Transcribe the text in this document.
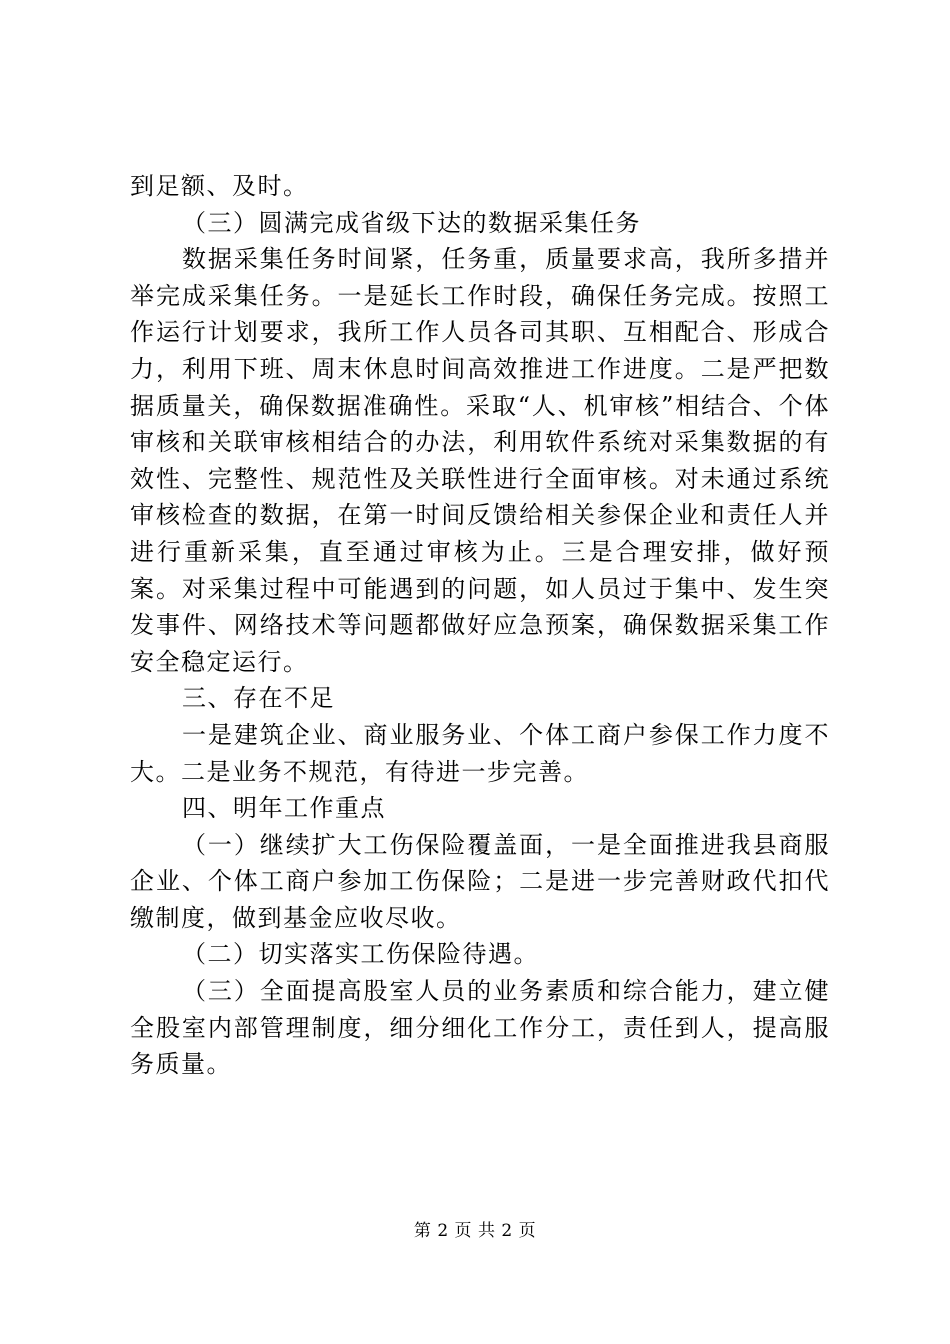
到足额、及时。

（三）圆满完成省级下达的数据采集任务

数据采集任务时间紧，任务重，质量要求高，我所多措并举完成采集任务。一是延长工作时段，确保任务完成。按照工作运行计划要求，我所工作人员各司其职、互相配合、形成合力，利用下班、周末休息时间高效推进工作进度。二是严把数据质量关，确保数据准确性。采取“人、机审核”相结合、个体审核和关联审核相结合的办法，利用软件系统对采集数据的有效性、完整性、规范性及关联性进行全面审核。对未通过系统审核检查的数据，在第一时间反馈给相关参保企业和责任人并进行重新采集，直至通过审核为止。三是合理安排，做好预案。对采集过程中可能遇到的问题，如人员过于集中、发生突发事件、网络技术等问题都做好应急预案，确保数据采集工作安全稳定运行。

三、存在不足

一是建筑企业、商业服务业、个体工商户参保工作力度不大。二是业务不规范，有待进一步完善。

四、明年工作重点

（一）继续扩大工伤保险覆盖面，一是全面推进我县商服企业、个体工商户参加工伤保险；二是进一步完善财政代扣代缴制度，做到基金应收尽收。

（二）切实落实工伤保险待遇。

（三）全面提高股室人员的业务素质和综合能力，建立健全股室内部管理制度，细分细化工作分工，责任到人，提高服务质量。

第 2 页 共 2 页
